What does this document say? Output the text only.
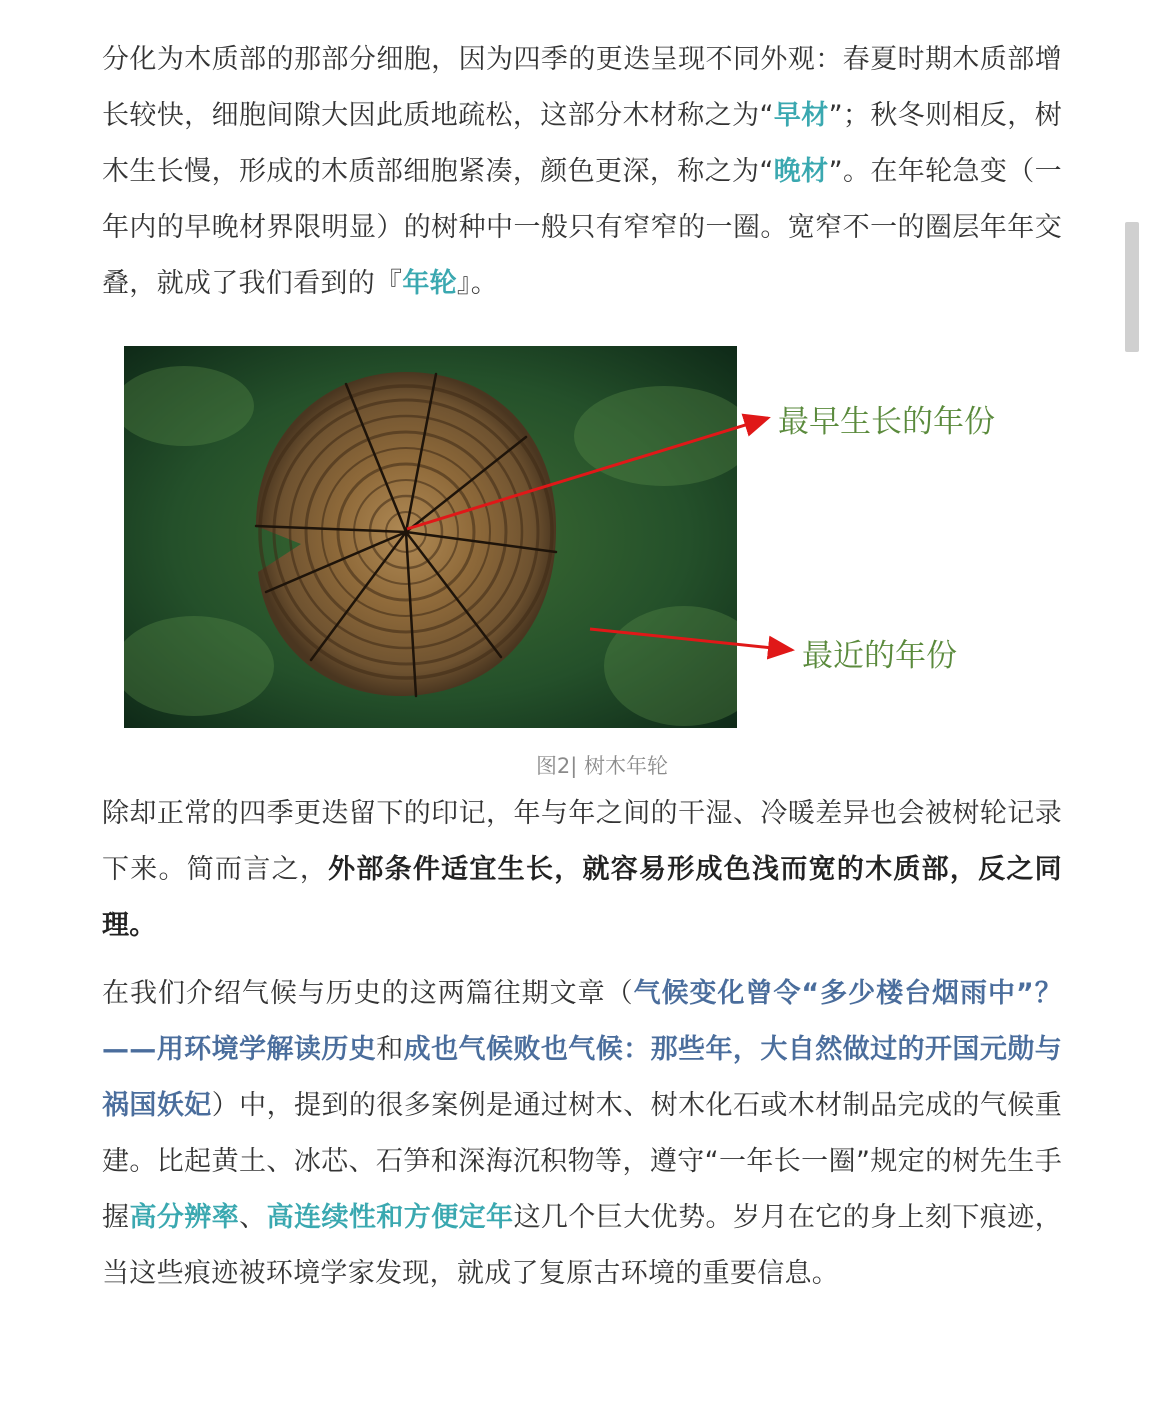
分化为木质部的那部分细胞，因为四季的更迭呈现不同外观：春夏时期木质部增长较快，细胞间隙大因此质地疏松，这部分木材称之为“早材”；秋冬则相反，树木生长慢，形成的木质部细胞紧凑，颜色更深，称之为“晚材”。在年轮急变（一年内的早晚材界限明显）的树种中一般只有窄窄的一圈。宽窄不一的圈层年年交叠，就成了我们看到的『年轮』。

最早生长的年份
最近的年份
图2| 树木年轮

除却正常的四季更迭留下的印记，年与年之间的干湿、冷暖差异也会被树轮记录下来。简而言之，外部条件适宜生长，就容易形成色浅而宽的木质部，反之同理。

在我们介绍气候与历史的这两篇往期文章（气候变化曾令“多少楼台烟雨中”？——用环境学解读历史和成也气候败也气候：那些年，大自然做过的开国元勋与祸国妖妃）中，提到的很多案例是通过树木、树木化石或木材制品完成的气候重建。比起黄土、冰芯、石笋和深海沉积物等，遵守“一年长一圈”规定的树先生手握高分辨率、高连续性和方便定年这几个巨大优势。岁月在它的身上刻下痕迹，当这些痕迹被环境学家发现，就成了复原古环境的重要信息。
